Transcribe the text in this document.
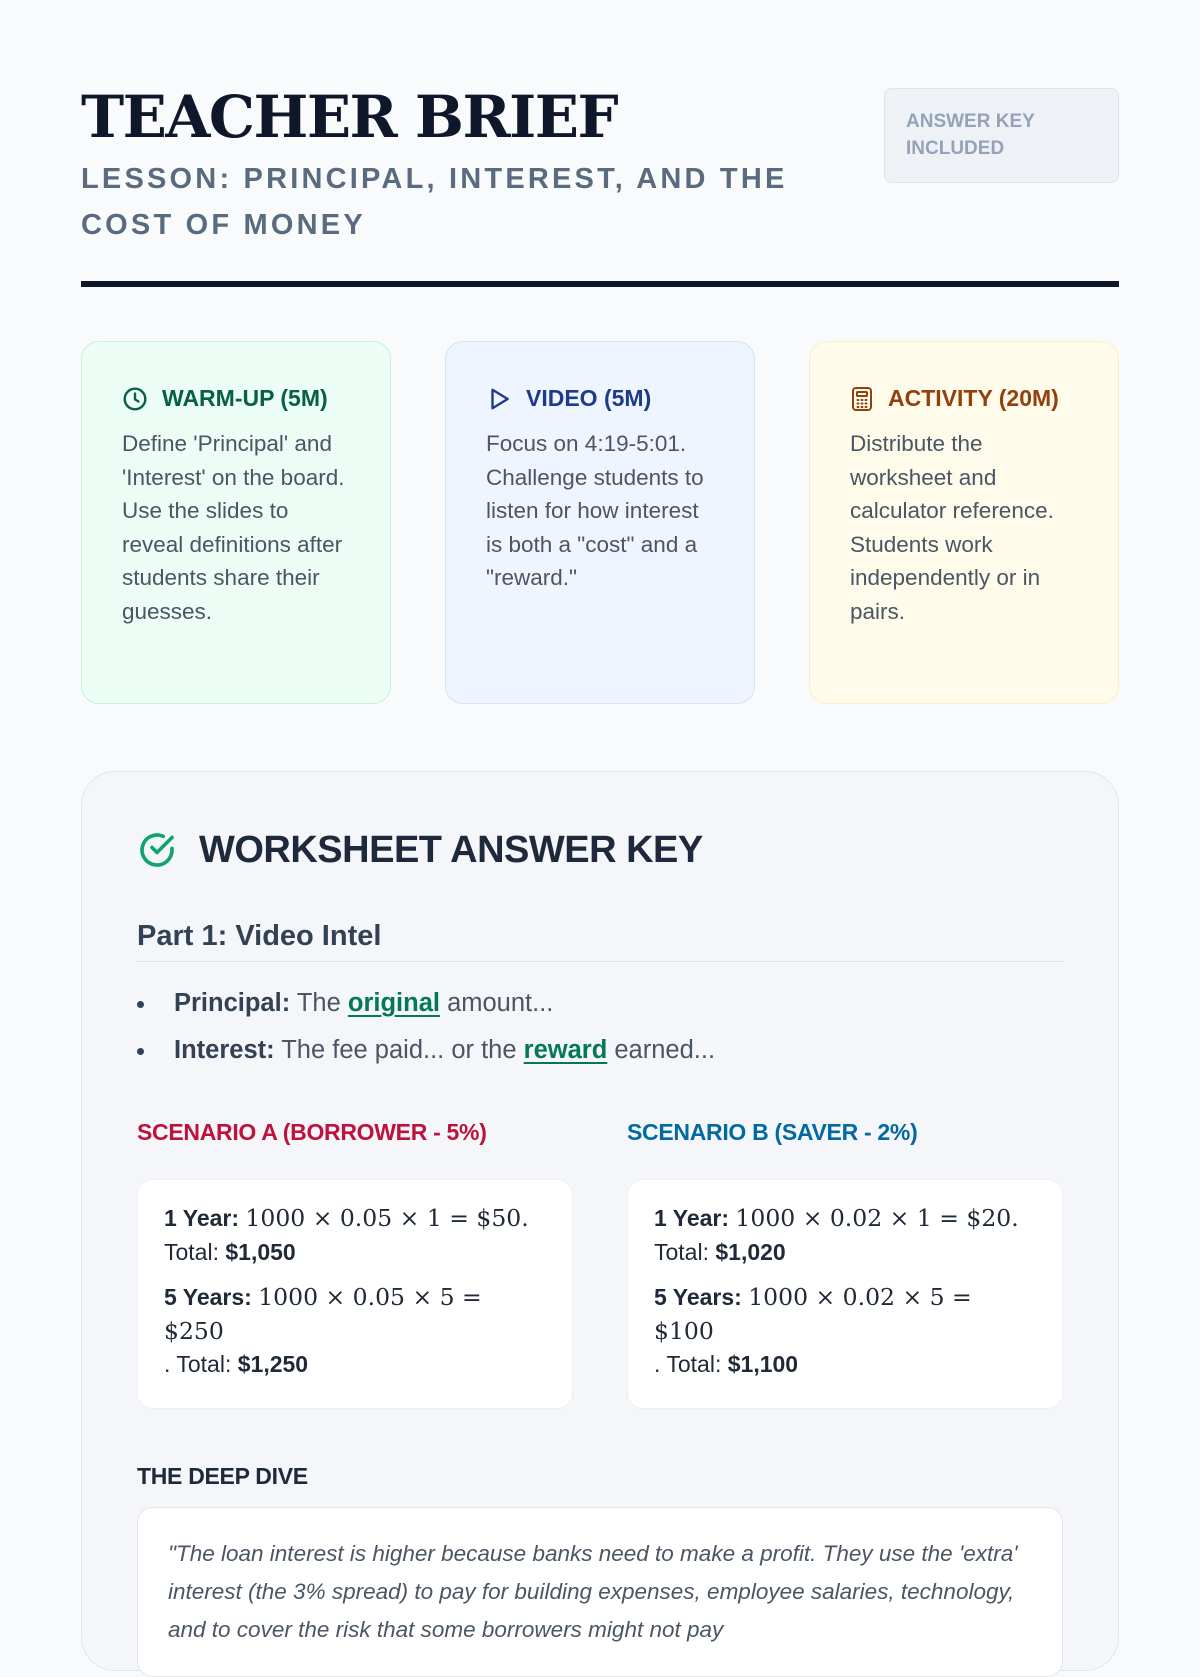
TEACHER BRIEF
LESSON: PRINCIPAL, INTEREST, AND THE COST OF MONEY
ANSWER KEY INCLUDED
WARM-UP (5M)

Define 'Principal' and 'Interest' on the board. Use the slides to reveal definitions after students share their guesses.

VIDEO (5M)

Focus on 4:19-5:01. Challenge students to listen for how interest is both a "cost" and a "reward."

ACTIVITY (20M)

Distribute the worksheet and calculator reference. Students work independently or in pairs.

WORKSHEET ANSWER KEY
Part 1: Video Intel
Principal: The original amount...
Interest: The fee paid... or the reward earned...
SCENARIO A (BORROWER - 5%)

1 Year: 1000 × 0.05 × 1 = $50.
Total: $1,050

5 Years: 1000 × 0.05 × 5 = $250
. Total: $1,250

SCENARIO B (SAVER - 2%)

1 Year: 1000 × 0.02 × 1 = $20.
Total: $1,020

5 Years: 1000 × 0.02 × 5 = $100
. Total: $1,100

THE DEEP DIVE
"The loan interest is higher because banks need to make a profit. They use the 'extra' interest (the 3% spread) to pay for building expenses, employee salaries, technology, and to cover the risk that some borrowers might not pay
